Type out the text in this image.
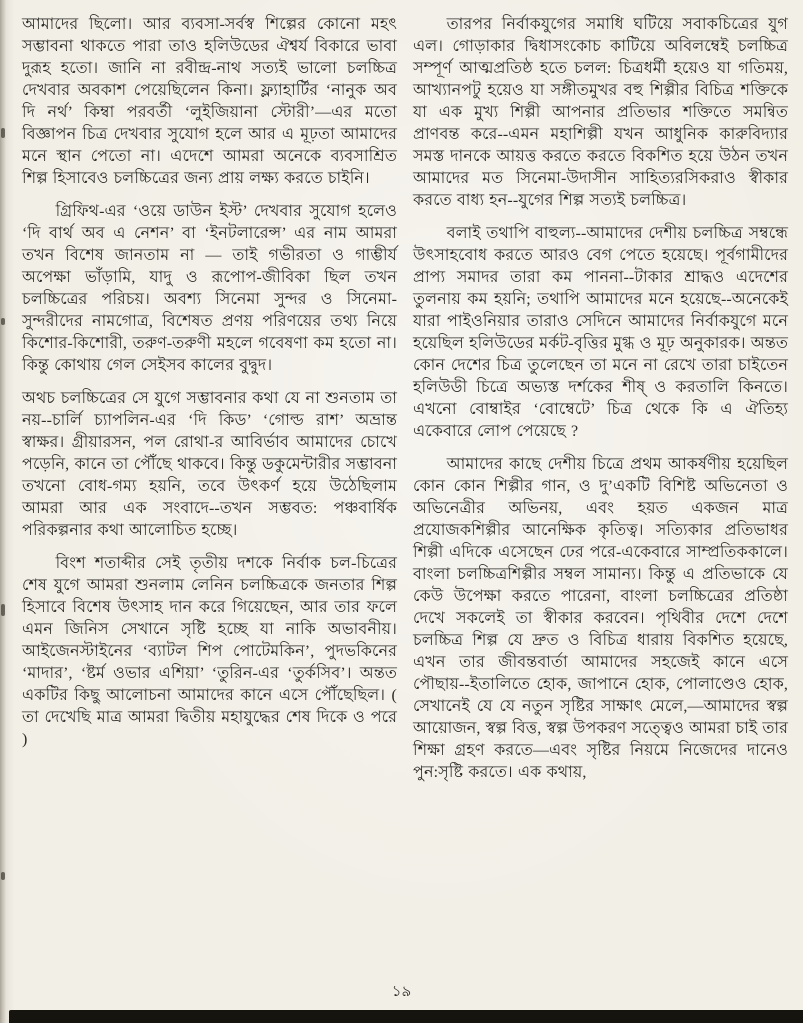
আমাদের ছিলো। আর ব্যবসা-সর্বস্ব শিল্পের কোনো মহৎ সম্ভাবনা থাকতে পারা তাও হলিউডের ঐশ্বর্য বিকারে ভাবা দুরূহ হতো। জানি না রবীন্দ্র-নাথ সত্যই ভালো চলচ্চিত্র দেখবার অবকাশ পেয়েছিলেন কিনা। ফ্ল্যাহার্টির ‘নানুক অব দি নর্থ’ কিম্বা পরবর্তী ‘লুইজিয়ানা স্টোরী’—এর মতো বিজ্ঞাপন চিত্র দেখবার সুযোগ হলে আর এ মূঢ়তা আমাদের মনে স্থান পেতো না। এদেশে আমরা অনেকে ব্যবসাশ্রিত শিল্প হিসাবেও চলচ্চিত্রের জন্য প্রায় লক্ষ্য করতে চাইনি।

গ্রিফিথ-এর ‘ওয়ে ডাউন ইস্ট’ দেখবার সুযোগ হলেও ‘দি বার্থ অব এ নেশন’ বা ‘ইনটলারেন্স’ এর নাম আমরা তখন বিশেষ জানতাম না — তাই গভীরতা ও গাম্ভীর্য অপেক্ষা ভাঁড়ামি, যাদু ও রূপোপ-জীবিকা ছিল তখন চলচ্চিত্রের পরিচয়। অবশ্য সিনেমা সুন্দর ও সিনেমা-সুন্দরীদের নামগোত্র, বিশেষত প্রণয় পরিণয়ের তথ্য নিয়ে কিশোর-কিশোরী, তরুণ-তরুণী মহলে গবেষণা কম হতো না। কিন্তু কোথায় গেল সেইসব কালের বুদ্বুদ।

অথচ চলচ্চিত্রের সে যুগে সম্ভাবনার কথা যে না শুনতাম তা নয়--চার্লি চ্যাপলিন-এর ‘দি কিড’ ‘গোল্ড রাশ’ অভ্রান্ত স্বাক্ষর। গ্রীয়ারসন, পল রোথা-র আবির্ভাব আমাদের চোখে পড়েনি, কানে তা পৌঁছে থাকবে। কিন্তু ডকুমেন্টারীর সম্ভাবনা তখনো বোধ-গম্য হয়নি, তবে উৎকর্ণ হয়ে উঠেছিলাম আমরা আর এক সংবাদে--তখন সম্ভবত: পঞ্চবার্ষিক পরিকল্পনার কথা আলোচিত হচ্ছে।

বিংশ শতাব্দীর সেই তৃতীয় দশকে নির্বাক চল-চিত্রের শেষ যুগে আমরা শুনলাম লেনিন চলচ্চিত্রকে জনতার শিল্প হিসাবে বিশেষ উৎসাহ দান করে গিয়েছেন, আর তার ফলে এমন জিনিস সেখানে সৃষ্টি হচ্ছে যা নাকি অভাবনীয়। আইজেনস্টাইনের ‘ব্যাটল শিপ পোটেমকিন’, পুদভকিনের ‘মাদার’, ‘ষ্টর্ম ওভার এশিয়া’ ‘তুরিন-এর ‘তুর্কসিব’। অন্তত একটির কিছু আলোচনা আমাদের কানে এসে পৌঁছেছিল। ( তা দেখেছি মাত্র আমরা দ্বিতীয় মহাযুদ্ধের শেষ দিকে ও পরে )

তারপর নির্বাকযুগের সমাধি ঘটিয়ে সবাকচিত্রের যুগ এল। গোড়াকার দ্বিধাসংকোচ কাটিয়ে অবিলম্বেই চলচ্চিত্র সম্পূর্ণ আত্মপ্রতিষ্ঠ হতে চলল: চিত্রধর্মী হয়েও যা গতিময়, আখ্যানপটু হয়েও যা সঙ্গীতমুখর বহু শিল্পীর বিচিত্র শক্তিকে যা এক মুখ্য শিল্পী আপনার প্রতিভার শক্তিতে সমন্বিত প্রাণবন্ত করে--এমন মহাশিল্পী যখন আধুনিক কারুবিদ্যার সমস্ত দানকে আয়ত্ত করতে করতে বিকশিত হয়ে উঠন তখন আমাদের মত সিনেমা-উদাসীন সাহিত্যরসিকরাও স্বীকার করতে বাধ্য হন--যুগের শিল্প সত্যই চলচ্চিত্র।

বলাই তথাপি বাহুল্য--আমাদের দেশীয় চলচ্চিত্র সম্বন্ধে উৎসাহবোধ করতে আরও বেগ পেতে হয়েছে। পূর্বগামীদের প্রাপ্য সমাদর তারা কম পাননা--টাকার শ্রাদ্ধও এদেশের তুলনায় কম হয়নি; তথাপি আমাদের মনে হয়েছে--অনেকেই যারা পাইওনিয়ার তারাও সেদিনে আমাদের নির্বাকযুগে মনে হয়েছিল হলিউডের মর্কট-বৃত্তির মুগ্ধ ও মূঢ় অনুকারক। অন্তত কোন দেশের চিত্র তুলেছেন তা মনে না রেখে তারা চাইতেন হলিউডী চিত্রে অভ্যস্ত দর্শকের শীষ্ ও করতালি কিনতে। এখনো বোম্বাইর ‘বোম্বেটে’ চিত্র থেকে কি এ ঐতিহ্য একেবারে লোপ পেয়েছে ?

আমাদের কাছে দেশীয় চিত্রে প্রথম আকর্ষণীয় হয়েছিল কোন কোন শিল্পীর গান, ও দু’একটি বিশিষ্ট অভিনেতা ও অভিনেত্রীর অভিনয়, এবং হয়ত একজন মাত্র প্রযোজকশিল্পীর আনেক্ষিক কৃতিত্ব। সত্যিকার প্রতিভাধর শিল্পী এদিকে এসেছেন ঢের পরে-একেবারে সাম্প্রতিককালে। বাংলা চলচ্চিত্রশিল্পীর সম্বল সামান্য। কিন্তু এ প্রতিভাকে যে কেউ উপেক্ষা করতে পারেনা, বাংলা চলচ্চিত্রের প্রতিষ্ঠা দেখে সকলেই তা স্বীকার করবেন। পৃথিবীর দেশে দেশে চলচ্চিত্র শিল্প যে দ্রুত ও বিচিত্র ধারায় বিকশিত হয়েছে, এখন তার জীবন্তবার্তা আমাদের সহজেই কানে এসে পৌছায়--ইতালিতে হোক, জাপানে হোক, পোলাণ্ডেও হোক, সেখানেই যে যে নতুন সৃষ্টির সাক্ষাৎ মেলে,—আমাদের স্বল্প আয়োজন, স্বল্প বিত্ত, স্বল্প উপকরণ সত্ত্বেও আমরা চাই তার শিক্ষা গ্রহণ করতে—এবং সৃষ্টির নিয়মে নিজেদের দানেও পুন:সৃষ্টি করতে। এক কথায়,

১৯
